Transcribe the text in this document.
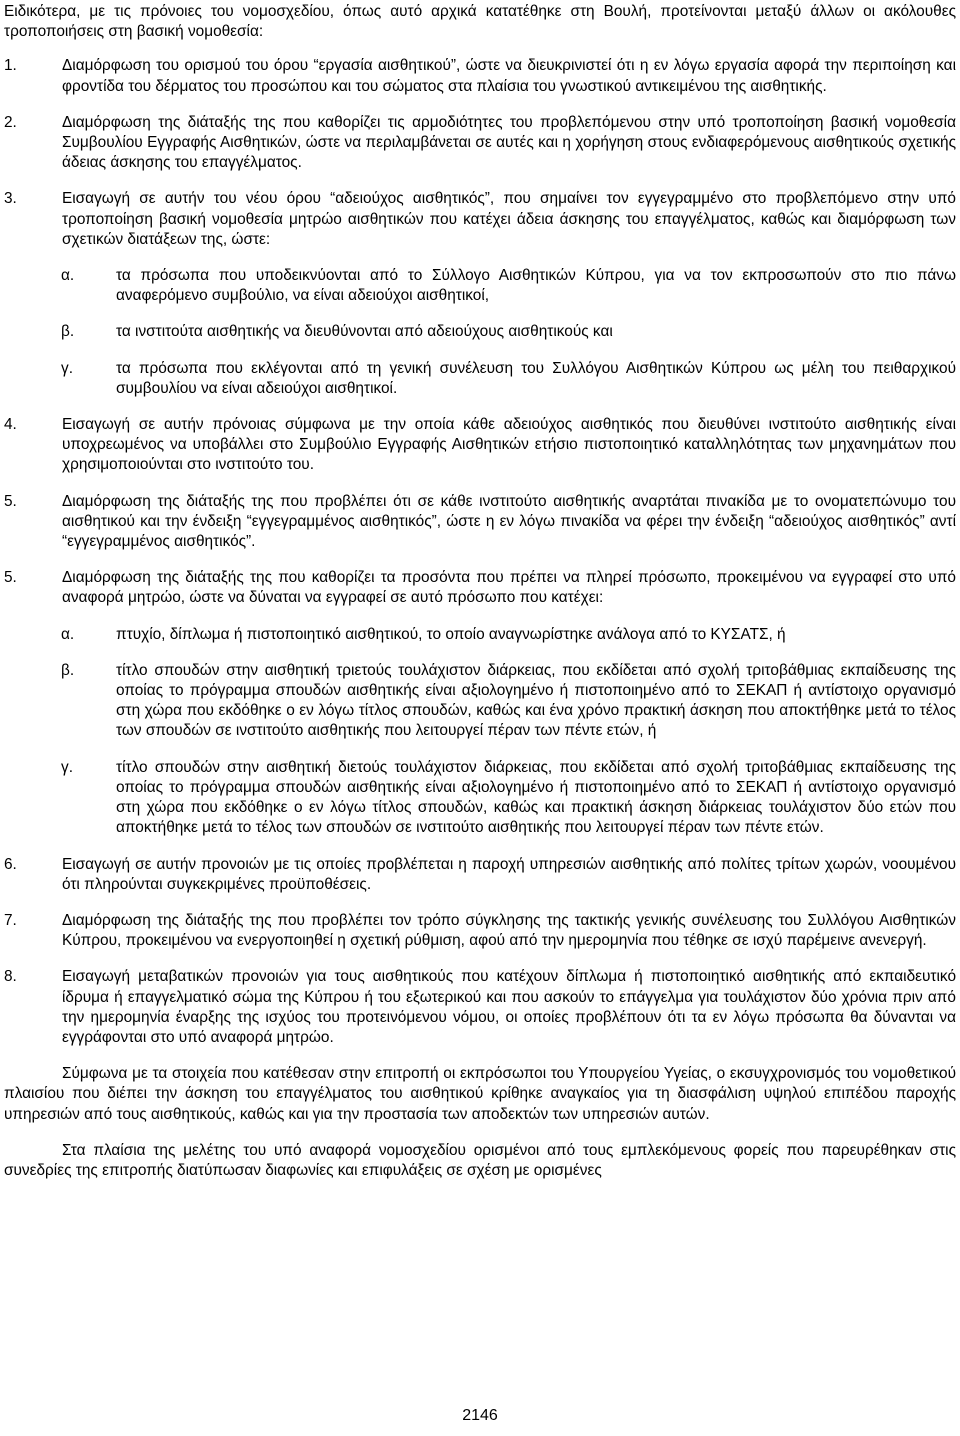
Ειδικότερα, με τις πρόνοιες του νομοσχεδίου, όπως αυτό αρχικά κατατέθηκε στη Βουλή, προτείνονται μεταξύ άλλων οι ακόλουθες τροποποιήσεις στη βασική νομοθεσία:

1.	Διαμόρφωση του ορισμού του όρου “εργασία αισθητικού”, ώστε να διευκρινιστεί ότι η εν λόγω εργασία αφορά την περιποίηση και φροντίδα του δέρματος του προσώπου και του σώματος στα πλαίσια του γνωστικού αντικειμένου της αισθητικής.
2.	Διαμόρφωση της διάταξής της που καθορίζει τις αρμοδιότητες του προβλεπόμενου στην υπό τροποποίηση βασική νομοθεσία Συμβουλίου Εγγραφής Αισθητικών, ώστε να περιλαμβάνεται σε αυτές και η χορήγηση στους ενδιαφερόμενους αισθητικούς σχετικής άδειας άσκησης του επαγγέλματος.
3.	Εισαγωγή σε αυτήν του νέου όρου “αδειούχος αισθητικός”, που σημαίνει τον εγγεγραμμένο στο προβλεπόμενο στην υπό τροποποίηση βασική νομοθεσία μητρώο αισθητικών που κατέχει άδεια άσκησης του επαγγέλματος, καθώς και διαμόρφωση των σχετικών διατάξεων της, ώστε:
α.	τα πρόσωπα που υποδεικνύονται από το Σύλλογο Αισθητικών Κύπρου, για να τον εκπροσωπούν στο πιο πάνω αναφερόμενο συμβούλιο, να είναι αδειούχοι αισθητικοί,
β.	τα ινστιτούτα αισθητικής να διευθύνονται από αδειούχους αισθητικούς και
γ.	τα πρόσωπα που εκλέγονται από τη γενική συνέλευση του Συλλόγου Αισθητικών Κύπρου ως μέλη του πειθαρχικού συμβουλίου να είναι αδειούχοι αισθητικοί.
4.	Εισαγωγή σε αυτήν πρόνοιας σύμφωνα με την οποία κάθε αδειούχος αισθητικός που διευθύνει ινστιτούτο αισθητικής είναι υποχρεωμένος να υποβάλλει στο Συμβούλιο Εγγραφής Αισθητικών ετήσιο πιστοποιητικό καταλληλότητας των μηχανημάτων που χρησιμοποιούνται στο ινστιτούτο του.
5.	Διαμόρφωση της διάταξής της που προβλέπει ότι σε κάθε ινστιτούτο αισθητικής αναρτάται πινακίδα με το ονοματεπώνυμο του αισθητικού και την ένδειξη “εγγεγραμμένος αισθητικός”, ώστε η εν λόγω πινακίδα να φέρει την ένδειξη “αδειούχος αισθητικός” αντί “εγγεγραμμένος αισθητικός”.
5.	Διαμόρφωση της διάταξής της που καθορίζει τα προσόντα που πρέπει να πληρεί πρόσωπο, προκειμένου να εγγραφεί στο υπό αναφορά μητρώο, ώστε να δύναται να εγγραφεί σε αυτό πρόσωπο που κατέχει:
α.	πτυχίο, δίπλωμα ή πιστοποιητικό αισθητικού, το οποίο αναγνωρίστηκε ανάλογα από το ΚΥΣΑΤΣ, ή
β.	τίτλο σπουδών στην αισθητική τριετούς τουλάχιστον διάρκειας, που εκδίδεται από σχολή τριτοβάθμιας εκπαίδευσης της οποίας το πρόγραμμα σπουδών αισθητικής είναι αξιολογημένο ή πιστοποιημένο από το ΣΕΚΑΠ ή αντίστοιχο οργανισμό στη χώρα που εκδόθηκε ο εν λόγω τίτλος σπουδών, καθώς και ένα χρόνο πρακτική άσκηση που αποκτήθηκε μετά το τέλος των σπουδών σε ινστιτούτο αισθητικής που λειτουργεί πέραν των πέντε ετών, ή
γ.	τίτλο σπουδών στην αισθητική διετούς τουλάχιστον διάρκειας, που εκδίδεται από σχολή τριτοβάθμιας εκπαίδευσης της οποίας το πρόγραμμα σπουδών αισθητικής είναι αξιολογημένο ή πιστοποιημένο από το ΣΕΚΑΠ ή αντίστοιχο οργανισμό στη χώρα που εκδόθηκε ο εν λόγω τίτλος σπουδών, καθώς και πρακτική άσκηση διάρκειας τουλάχιστον δύο ετών που αποκτήθηκε μετά το τέλος των σπουδών σε ινστιτούτο αισθητικής που λειτουργεί πέραν των πέντε ετών.
6.	Εισαγωγή σε αυτήν προνοιών με τις οποίες προβλέπεται η παροχή υπηρεσιών αισθητικής από πολίτες τρίτων χωρών, νοουμένου ότι πληρούνται συγκεκριμένες προϋποθέσεις.
7.	Διαμόρφωση της διάταξής της που προβλέπει τον τρόπο σύγκλησης της τακτικής γενικής συνέλευσης του Συλλόγου Αισθητικών Κύπρου, προκειμένου να ενεργοποιηθεί η σχετική ρύθμιση, αφού από την ημερομηνία που τέθηκε σε ισχύ παρέμεινε ανενεργή.
8.	Εισαγωγή μεταβατικών προνοιών για τους αισθητικούς που κατέχουν δίπλωμα ή πιστοποιητικό αισθητικής από εκπαιδευτικό ίδρυμα ή επαγγελματικό σώμα της Κύπρου ή του εξωτερικού και που ασκούν το επάγγελμα για τουλάχιστον δύο χρόνια πριν από την ημερομηνία έναρξης της ισχύος του προτεινόμενου νόμου, οι οποίες προβλέπουν ότι τα εν λόγω πρόσωπα θα δύνανται να εγγράφονται στο υπό αναφορά μητρώο.

Σύμφωνα με τα στοιχεία που κατέθεσαν στην επιτροπή οι εκπρόσωποι του Υπουργείου Υγείας, ο εκσυγχρονισμός του νομοθετικού πλαισίου που διέπει την άσκηση του επαγγέλματος του αισθητικού κρίθηκε αναγκαίος για τη διασφάλιση υψηλού επιπέδου παροχής υπηρεσιών από τους αισθητικούς, καθώς και για την προστασία των αποδεκτών των υπηρεσιών αυτών.

Στα πλαίσια της μελέτης του υπό αναφορά νομοσχεδίου ορισμένοι από τους εμπλεκόμενους φορείς που παρευρέθηκαν στις συνεδρίες της επιτροπής διατύπωσαν διαφωνίες και επιφυλάξεις σε σχέση με ορισμένες

2146
